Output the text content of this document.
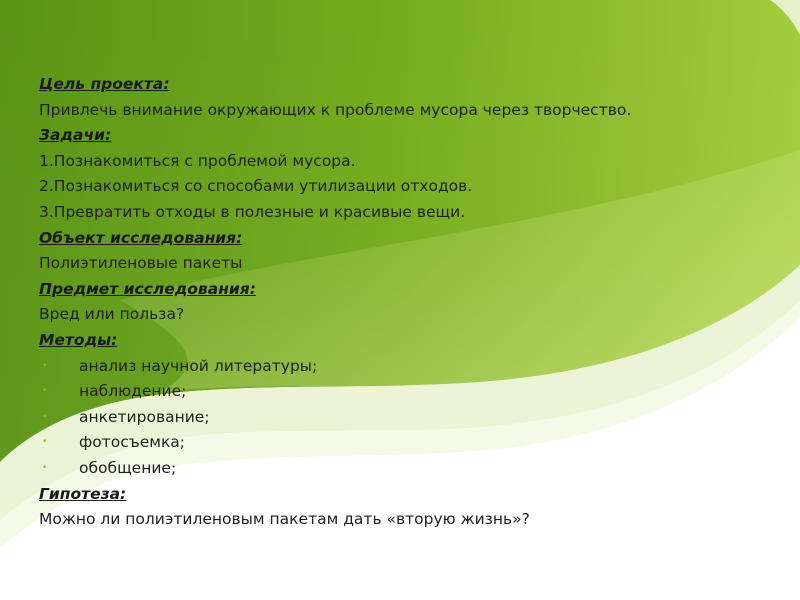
Цель проекта:
Привлечь внимание окружающих к проблеме мусора через творчество.
Задачи:
1.Познакомиться с проблемой мусора.
2.Познакомиться со способами утилизации отходов.
3.Превратить отходы в полезные и красивые вещи.
Объект исследования:
Полиэтиленовые пакеты
Предмет исследования:
Вред или польза?
Методы:
• анализ научной литературы;
• наблюдение;
• анкетирование;
• фотосъемка;
• обобщение;
Гипотеза:
Можно ли полиэтиленовым пакетам дать «вторую жизнь»?
